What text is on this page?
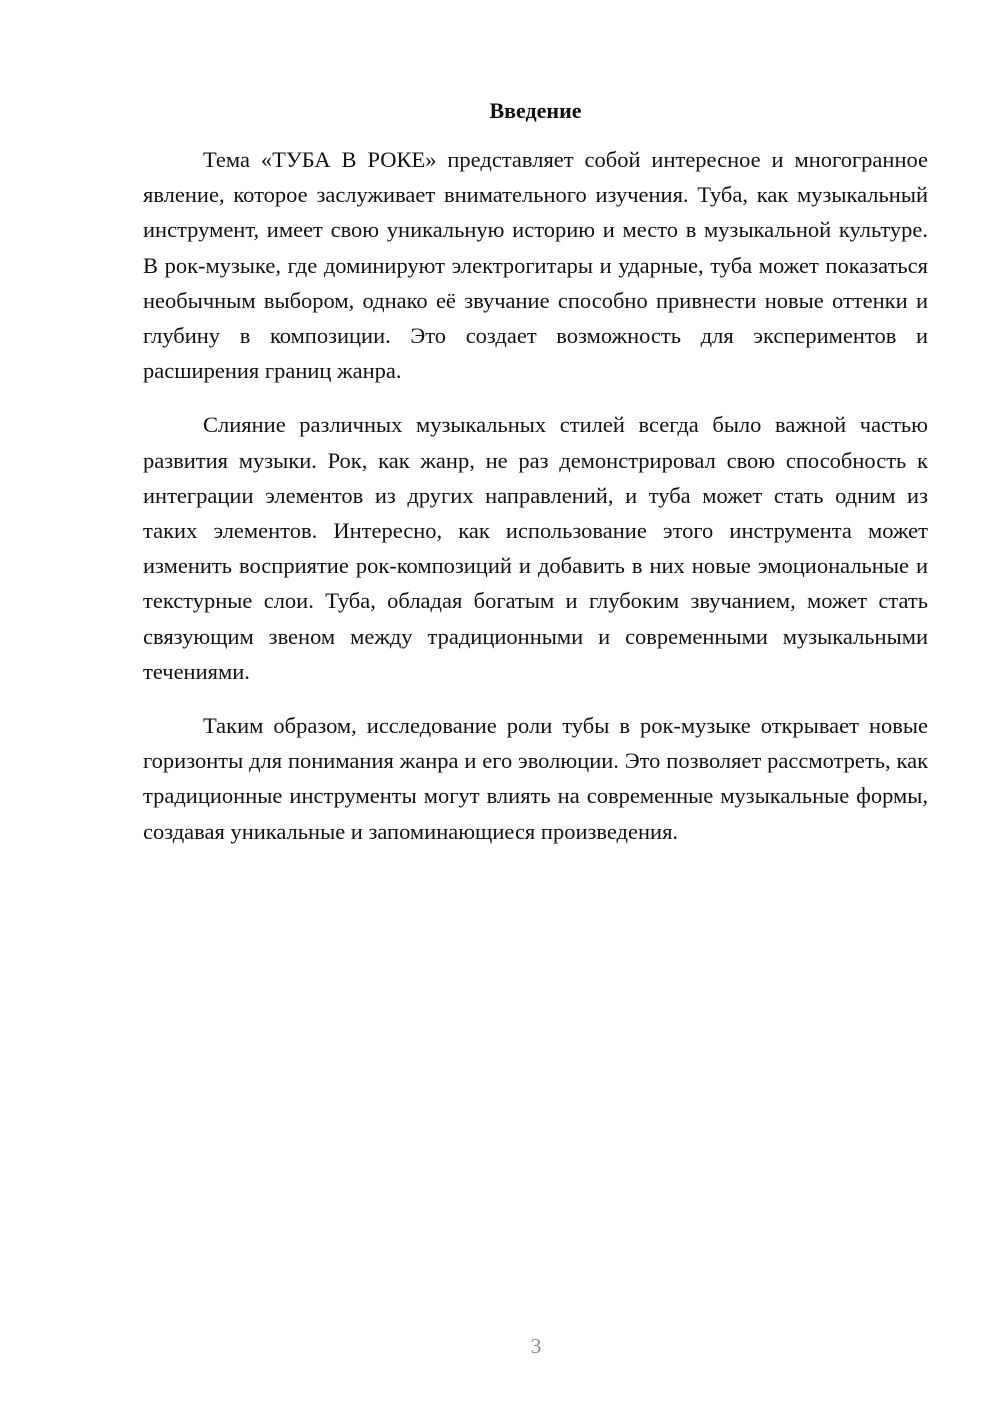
Введение

Тема «ТУБА В РОКЕ» представляет собой интересное и многогранное явление, которое заслуживает внимательного изучения. Туба, как музыкальный инструмент, имеет свою уникальную историю и место в музыкальной культуре. В рок-музыке, где доминируют электрогитары и ударные, туба может показаться необычным выбором, однако её звучание способно привнести новые оттенки и глубину в композиции. Это создает возможность для экспериментов и расширения границ жанра.

Слияние различных музыкальных стилей всегда было важной частью развития музыки. Рок, как жанр, не раз демонстрировал свою способность к интеграции элементов из других направлений, и туба может стать одним из таких элементов. Интересно, как использование этого инструмента может изменить восприятие рок-композиций и добавить в них новые эмоциональные и текстурные слои. Туба, обладая богатым и глубоким звучанием, может стать связующим звеном между традиционными и современными музыкальными течениями.

Таким образом, исследование роли тубы в рок-музыке открывает новые горизонты для понимания жанра и его эволюции. Это позволяет рассмотреть, как традиционные инструменты могут влиять на современные музыкальные формы, создавая уникальные и запоминающиеся произведения.

3
